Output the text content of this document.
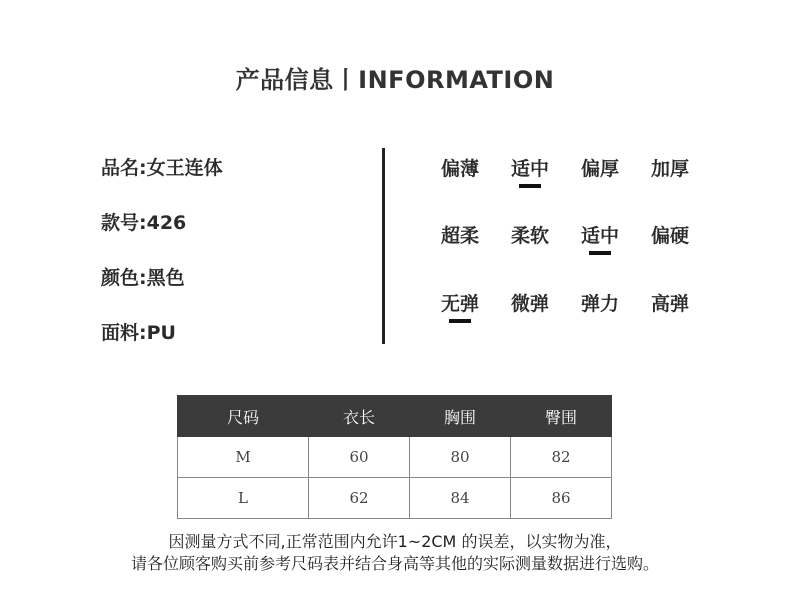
产品信息丨INFORMATION
品名:女王连体
款号:426
颜色:黑色
面料:PU
偏薄	适中	偏厚	加厚
超柔	柔软	适中	偏硬
无弹	微弹	弹力	高弹
尺码	衣长	胸围	臀围
M	60	80	82
L	62	84	86
因测量方式不同,正常范围内允许1~2CM 的误差，以实物为准，
请各位顾客购买前参考尺码表并结合身高等其他的实际测量数据进行选购。
